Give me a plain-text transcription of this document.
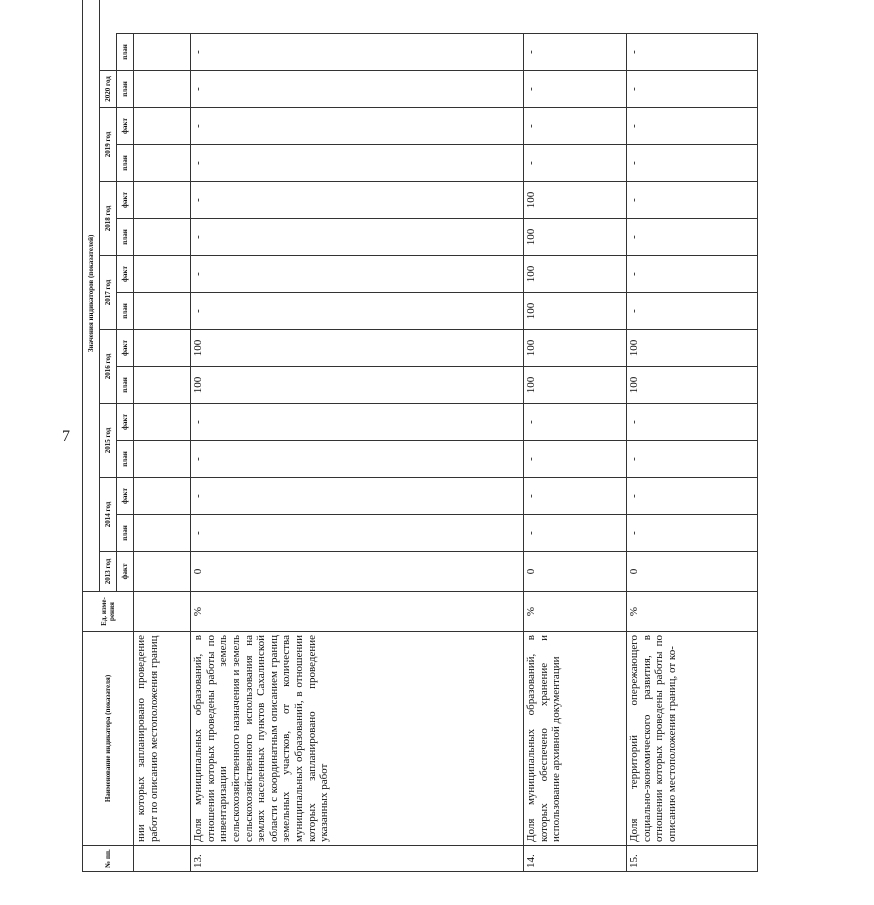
7
№ пп.	Наименование индикатора (показателя)	Ед. изме-рения	Значения индикаторов (показателей)														
			2013 год	2014 год		2015 год		2016 год		2017 год		2018 год		2019 год		2020 год	
			факт	план	факт	план	факт	план	факт	план	факт	план	факт	план	факт	план	план
	нии которых запланировано проведение работ по описанию местоположения границ																
13.	Доля муниципальных образований, в отношении которых проведены работы по инвентаризации земель сельскохозяйственного назначения и земель сельскохозяйственного использования на землях населенных пунктов Сахалинской области с координатным описанием границ земельных участков, от количества муниципальных образований, в отношении которых запланировано проведение указанных работ	%	0	-	-	-	-	100	100	-	-	-	-	-	-	-	-
14.	Доля муниципальных образований, в которых обеспечено хранение и использование архивной документации	%	0	-	-	-	-	100	100	100	100	100	100	-	-	-	-
15.	Доля территорий опережающего социально-экономического развития, в отношении которых проведены работы по описанию местоположения границ, от ко-	%	0	-	-	-	-	100	100	-	-	-	-	-	-	-	-
